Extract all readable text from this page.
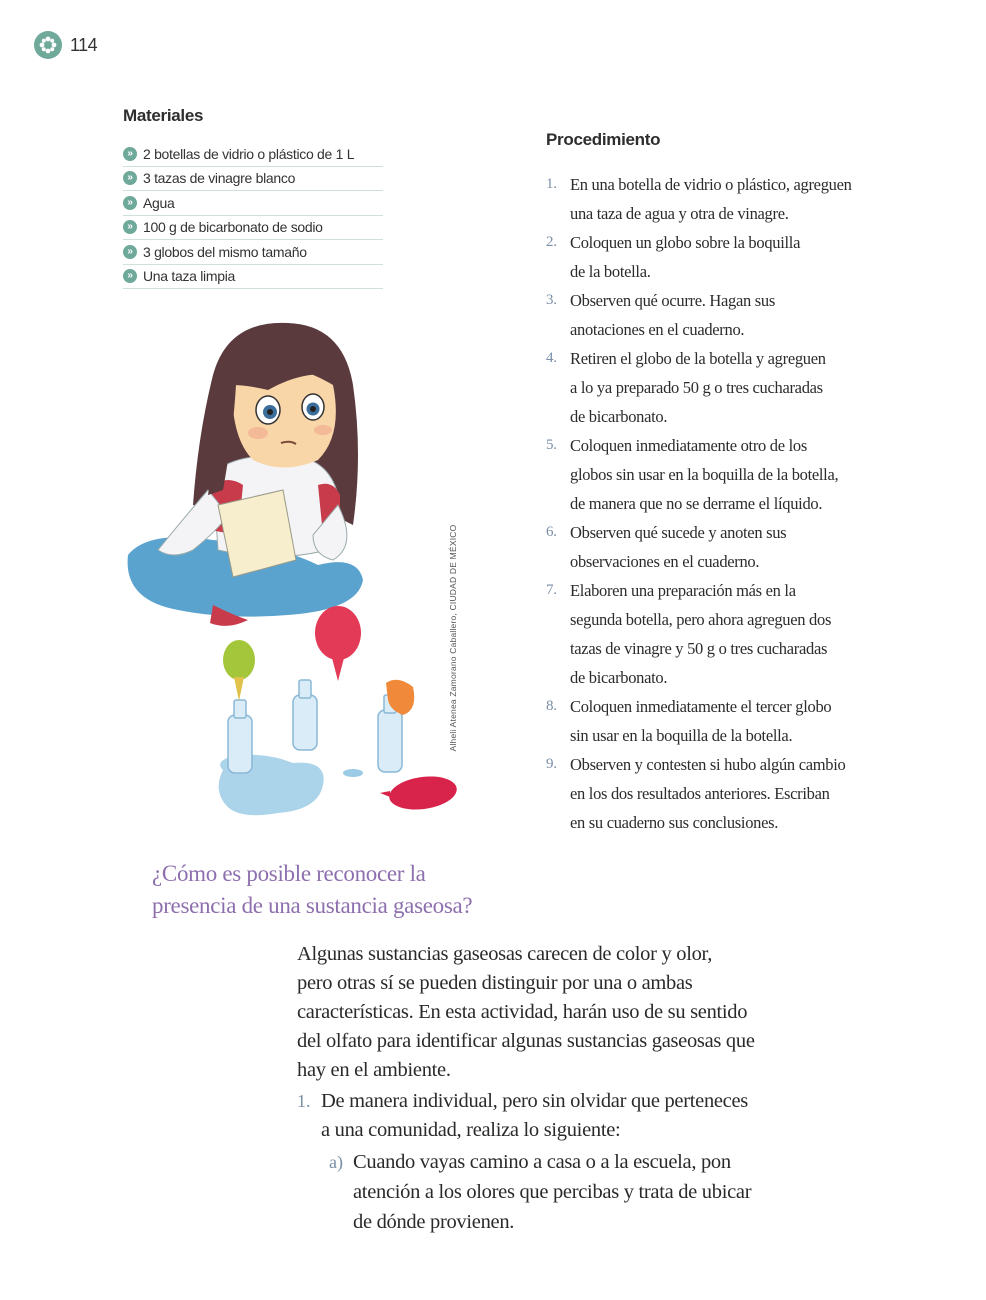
114
Materiales
» 2 botellas de vidrio o plástico de 1 L
» 3 tazas de vinagre blanco
» Agua
» 100 g de bicarbonato de sodio
» 3 globos del mismo tamaño
» Una taza limpia
Alheli Atenea Zamorano Caballero, CIUDAD DE MÉXICO
Procedimiento
1. En una botella de vidrio o plástico, agreguen
una taza de agua y otra de vinagre.
2. Coloquen un globo sobre la boquilla
de la botella.
3. Observen qué ocurre. Hagan sus
anotaciones en el cuaderno.
4. Retiren el globo de la botella y agreguen
a lo ya preparado 50 g o tres cucharadas
de bicarbonato.
5. Coloquen inmediatamente otro de los
globos sin usar en la boquilla de la botella,
de manera que no se derrame el líquido.
6. Observen qué sucede y anoten sus
observaciones en el cuaderno.
7. Elaboren una preparación más en la
segunda botella, pero ahora agreguen dos
tazas de vinagre y 50 g o tres cucharadas
de bicarbonato.
8. Coloquen inmediatamente el tercer globo
sin usar en la boquilla de la botella.
9. Observen y contesten si hubo algún cambio
en los dos resultados anteriores. Escriban
en su cuaderno sus conclusiones.
¿Cómo es posible reconocer la
presencia de una sustancia gaseosa?

Algunas sustancias gaseosas carecen de color y olor,
pero otras sí se pueden distinguir por una o ambas
características. En esta actividad, harán uso de su sentido
del olfato para identificar algunas sustancias gaseosas que
hay en el ambiente.

1. De manera individual, pero sin olvidar que perteneces
a una comunidad, realiza lo siguiente:
a) Cuando vayas camino a casa o a la escuela, pon
atención a los olores que percibas y trata de ubicar
de dónde provienen.
